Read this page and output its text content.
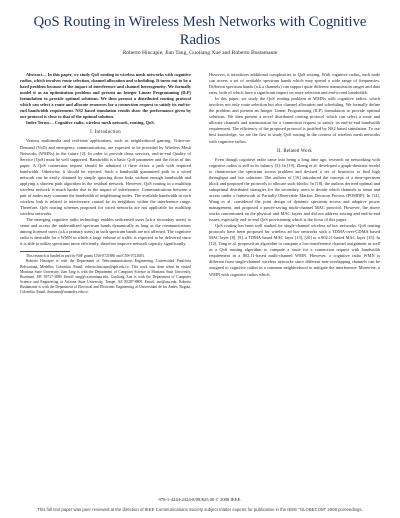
QoS Routing in Wireless Mesh Networks with Cognitive Radios
Roberto Hincapie, Jian Tang, Guoliang Xue and Roberto Bustamante

Abstract— In this paper, we study QoS routing in wireless mesh networks with cognitive radios, which involves route selection, channel allocation and scheduling. It turns out to be a hard problem because of the impact of interference and channel heterogeneity. We formally model it as an optimization problem and present an Integer Linear Programming (ILP) formulation to provide optimal solutions. We then present a distributed routing protocol which can select a route and allocate resources for a connection request to satisfy its end-to-end bandwidth requirement. NS2 based simulation results show the performance given by our protocol is close to that of the optimal solution.

Index Terms— Cognitive radio, wireless mesh network, routing, QoS.

I. Introduction

Various multimedia and real-time applications, such as neighborhood gaming, Video-on-Demand (VoD) and emergency communications, are expected to be provided by Wireless Mesh Networks (WMNs) in the future [2]. In order to provide those services, end-to-end Quality of Service (QoS) must be well supported. Bandwidth is a basic QoS parameter and the focus of this paper. A QoS connection request should be admitted if there exists a path with required bandwidth. Otherwise, it should be rejected. Such a bandwidth guaranteed path in a wired network can be easily obtained by simply ignoring those links without enough bandwidth and applying a shortest path algorithm in the residual network. However, QoS routing in a multihop wireless network is much harder due to the impact of interference. Communications between a pair of nodes may consume the bandwidth of neighboring nodes. The available bandwidth in each wireless link is related to interference caused by its neighbors within the interference range. Therefore, QoS routing schemes proposed for wired networks are not applicable for multihop wireless networks.

The emerging cognitive radio technology enables unlicensed users (a.k.a secondary users) to sense and access the underutilized spectrum bands dynamically as long as the communications among licensed users (a.k.a primary users) in such spectrum bands are not affected. The cognitive radio is desirable for a WMN in which a large volume of traffic is expected to be delivered since it is able to utilize spectrums more efficiently, therefore improve network capacity significantly.

This research is funded in part by NSF grants CNS-0721880 and CNS-0721803.

Roberto Hincapie is with the Department of Telecommunications Engineering, Universidad Pontificia Bolivariana, Medellin, Colombia. Email: roberto.hincapie@upb.edu.co. This work was done when he visited Montana State University. Jian Tang is with the Department of Computer Science at Montana State University, Bozeman, MT 59717-3880. Email: tang@cs.montana.edu. Guoliang Xue is with the Department of Computer Science and Engineering at Arizona State University, Tempe, AZ 85287-8809. Email: xue@asu.edu. Roberto Bustamante is with the Department of Electrical and Electronic Engineering at Universidad de los Andes, Bogota, Colombia. Email: rbustama@uniandes.edu.co.

However, it introduces additional complexities to QoS routing. With cognitive radios, each node can access a set of available spectrum bands which may spread a wide range of frequencies. Different spectrum bands (a.k.a channels) can support quite different transmission ranges and data rates, both of which have a significant impact on route selection and end-to-end bandwidth.

In this paper, we study the QoS routing problem in WMNs with cognitive radios, which involves not only route selection but also channel allocation and scheduling. We formally define the problem and present an Integer Linear Programming (ILP) formulation to provide optimal solutions. We then present a novel distributed routing protocol which can select a route and allocate channels and transmission for a connection request to satisfy its end-to-end bandwidth requirement. The efficiency of the proposed protocol is justified by NS2 based simulation. To our best knowledge, we are the first to study QoS routing in the context of wireless mesh networks with cognitive radios.

II. Related Work

Even though cognitive radio came into being a long time ago, research on networking with cognitive radios is still in its infancy [3]. In [19], Zheng et al. developed a graph-theoretic model to characterize the spectrum access problem and devised a set of heuristics to find high throughput and fair solutions. The authors of [16] introduced the concept of a time-spectrum block and proposed the protocols to allocate such blocks. In [18], the authors derived optimal and suboptimal distributed strategies for the secondary users to decide which channels to sense and access under a framework of Partially Observable Markov Decision Process (POMDP). In [14], Wang et al. considered the joint design of dynamic spectrum access and adaptive power management, and proposed a power-saving multi-channel MAC protocol. However, the above works concentrated on the physical and MAC layers and did not address routing and end-to-end issues, especially end-to-end QoS provisioning which is the focus of this paper.

QoS routing has been well studied for single-channel wireless ad hoc networks. QoS routing protocols have been proposed for wireless ad hoc networks with a TDMA-over-CDMA based MAC layer [8], [9], a TDMA-based MAC layer [13], [20] or a 802.11-based MAC layer [15]. In [12], Tang et al. proposed an algorithm to compute a low-interference channel assignment as well as a QoS routing algorithm to compute a route for a connection request with bandwidth requirement in a 802.11-based multi-channel WMN. However, a cognitive radio WMN is different from single-channel wireless networks since different non-overlapping channels can be assigned to cognitive radios in a common neighborhood to mitigate the interference. Moreover, a WMN with cognitive radios which

978-1-4244-2324-8/08/$25.00 © 2008 IEEE.
This full text paper was peer reviewed at the direction of IEEE Communications Society subject matter experts for publication in the IEEE "GLOBECOM" 2008 proceedings.
